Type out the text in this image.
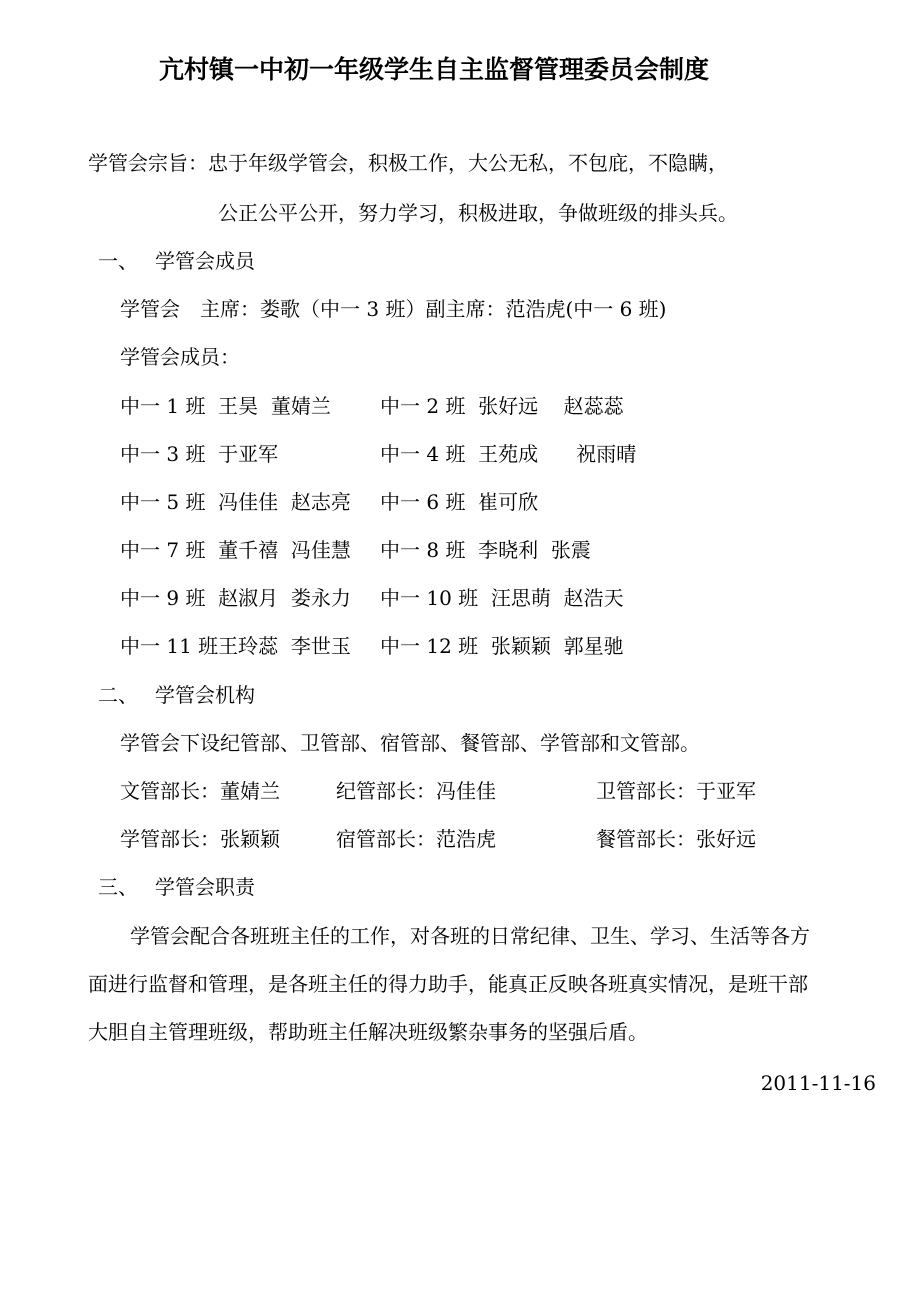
亢村镇一中初一年级学生自主监督管理委员会制度
学管会宗旨：忠于年级学管会，积极工作，大公无私，不包庇，不隐瞒，
公正公平公开，努力学习，积极进取，争做班级的排头兵。
一、 学管会成员
学管会　主席：娄歌（中一 3 班）副主席：范浩虎(中一 6 班)
学管会成员：
中一 1 班  王昊  董婧兰 中一 2 班  张好远    赵蕊蕊
中一 3 班  于亚军	中一 4 班  王苑成      祝雨晴
中一 5 班  冯佳佳  赵志亮 中一 6 班  崔可欣
中一 7 班  董千禧  冯佳慧 中一 8 班  李晓利  张震
中一 9 班  赵淑月  娄永力 中一 10 班  汪思萌  赵浩天
中一 11 班王玲蕊  李世玉 中一 12 班  张颖颖  郭星驰
二、 学管会机构
学管会下设纪管部、卫管部、宿管部、餐管部、学管部和文管部。
文管部长：董婧兰	纪管部长：冯佳佳	卫管部长：于亚军
学管部长：张颖颖	宿管部长：范浩虎	餐管部长：张好远
三、 学管会职责
学管会配合各班班主任的工作，对各班的日常纪律、卫生、学习、生活等各方
面进行监督和管理，是各班主任的得力助手，能真正反映各班真实情况，是班干部
大胆自主管理班级，帮助班主任解决班级繁杂事务的坚强后盾。
2011-11-16
